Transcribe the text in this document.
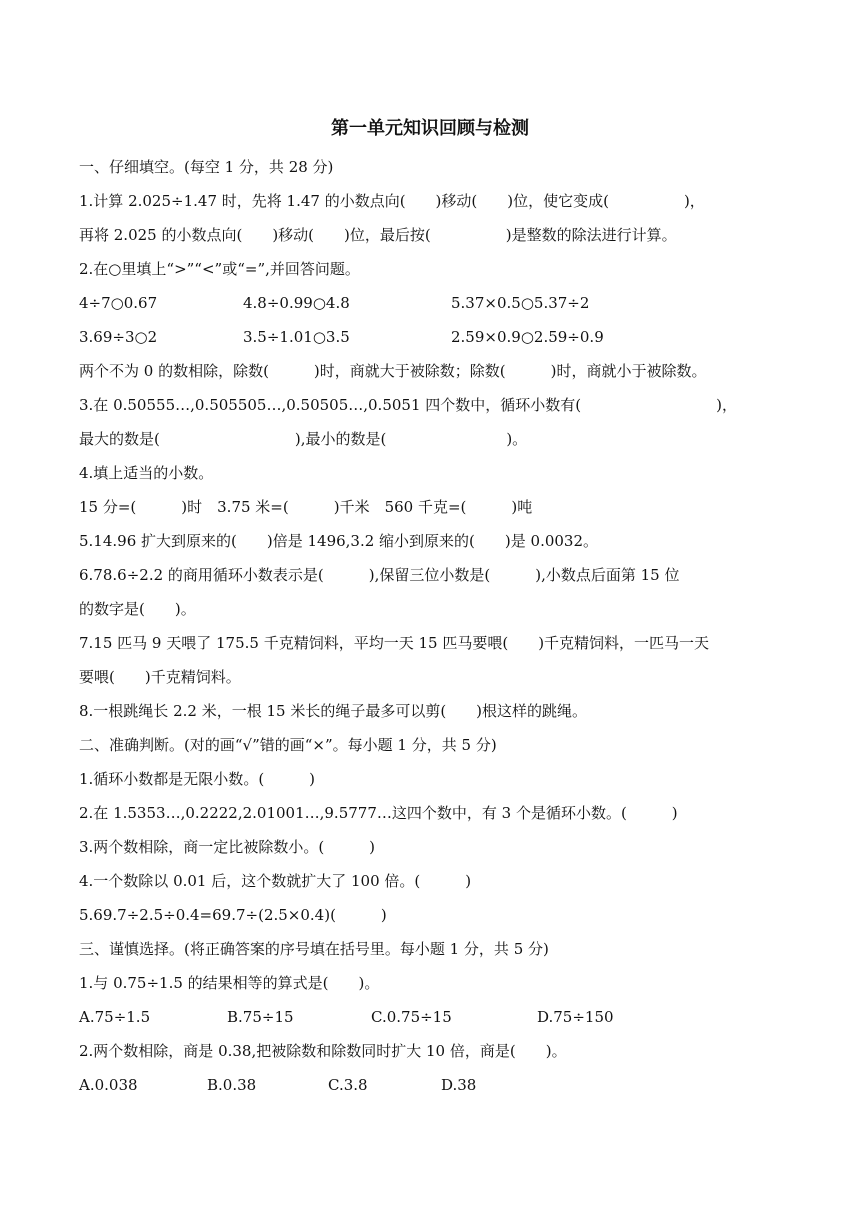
第一单元知识回顾与检测
一、仔细填空。(每空 1 分，共 28 分)
1.计算 2.025÷1.47 时，先将 1.47 的小数点向(　　)移动(　　)位，使它变成(　　　　　)，
再将 2.025 的小数点向(　　)移动(　　)位，最后按(　　　　　)是整数的除法进行计算。
2.在○里填上“>”“<”或“=”,并回答问题。
4÷7○0.67	4.8÷0.99○4.8	5.37×0.5○5.37÷2
3.69÷3○2	3.5÷1.01○3.5	2.59×0.9○2.59÷0.9
两个不为 0 的数相除，除数(　　　)时，商就大于被除数；除数(　　　)时，商就小于被除数。
3.在 0.50555…,0.505505…,0.50505…,0.5051 四个数中，循环小数有(　　　　　　　　　)，
最大的数是(　　　　　　　　　),最小的数是(　　　　　　　　)。
4.填上适当的小数。
15 分=(　　　)时　3.75 米=(　　　)千米　560 千克=(　　　)吨
5.14.96 扩大到原来的(　　)倍是 1496,3.2 缩小到原来的(　　)是 0.0032。
6.78.6÷2.2 的商用循环小数表示是(　　　),保留三位小数是(　　　),小数点后面第 15 位
的数字是(　　)。
7.15 匹马 9 天喂了 175.5 千克精饲料，平均一天 15 匹马要喂(　　)千克精饲料，一匹马一天
要喂(　　)千克精饲料。
8.一根跳绳长 2.2 米，一根 15 米长的绳子最多可以剪(　　)根这样的跳绳。
二、准确判断。(对的画“√”错的画“×”。每小题 1 分，共 5 分)
1.循环小数都是无限小数。(　　　)
2.在 1.5353…,0.2222,2.01001…,9.5777…这四个数中，有 3 个是循环小数。(　　　)
3.两个数相除，商一定比被除数小。(　　　)
4.一个数除以 0.01 后，这个数就扩大了 100 倍。(　　　)
5.69.7÷2.5÷0.4=69.7÷(2.5×0.4)(　　　)
三、谨慎选择。(将正确答案的序号填在括号里。每小题 1 分，共 5 分)
1.与 0.75÷1.5 的结果相等的算式是(　　)。
A.75÷1.5	B.75÷15	C.0.75÷15	D.75÷150
2.两个数相除，商是 0.38,把被除数和除数同时扩大 10 倍，商是(　　)。
A.0.038	B.0.38	C.3.8	D.38
